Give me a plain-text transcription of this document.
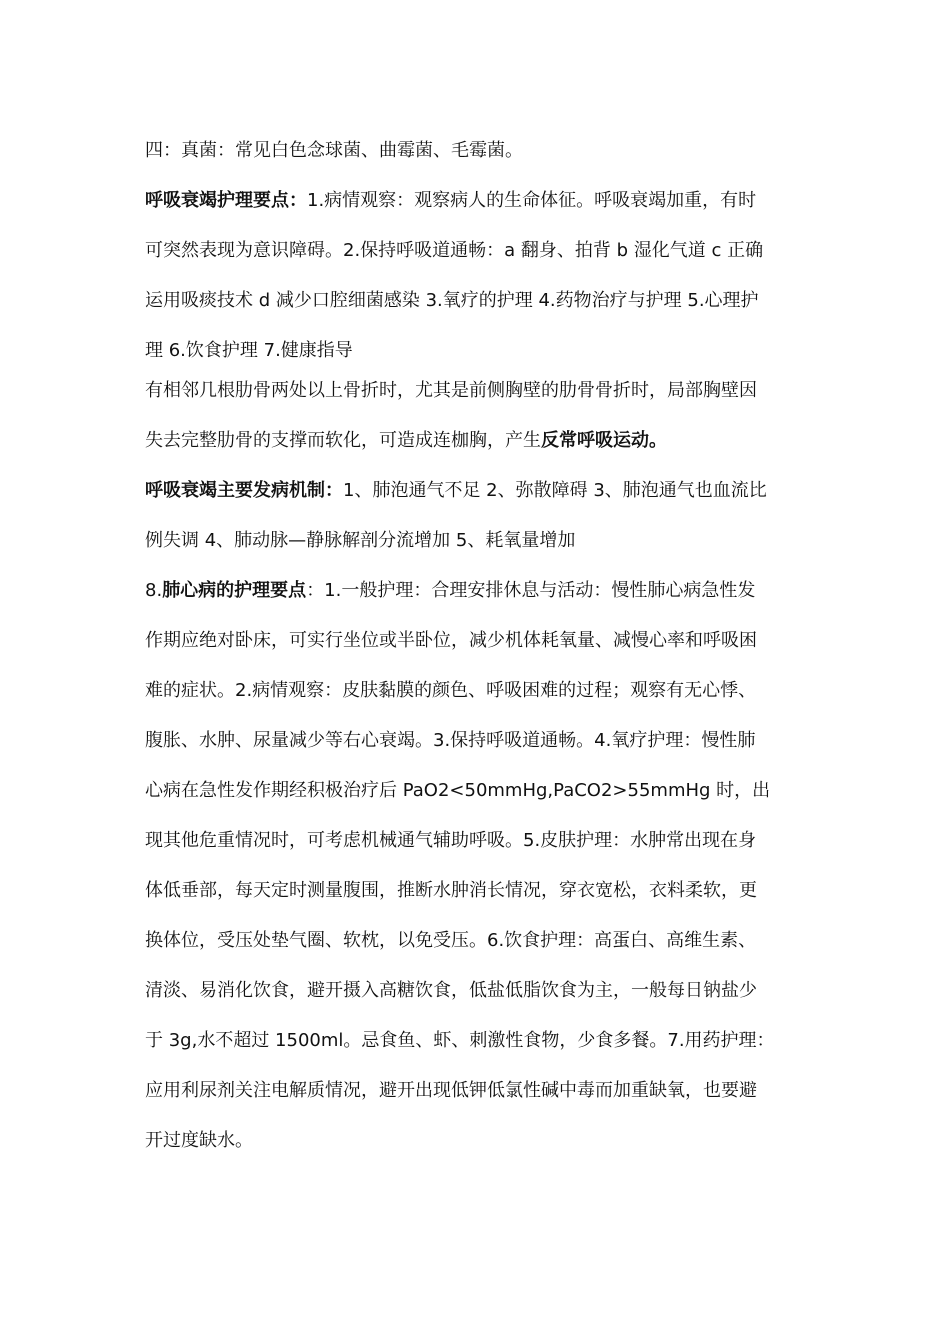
四：真菌：常见白色念球菌、曲霉菌、毛霉菌。
呼吸衰竭护理要点：1.病情观察：观察病人的生命体征。呼吸衰竭加重，有时
可突然表现为意识障碍。2.保持呼吸道通畅：a 翻身、拍背 b 湿化气道 c 正确
运用吸痰技术 d 减少口腔细菌感染 3.氧疗的护理 4.药物治疗与护理 5.心理护
理 6.饮食护理 7.健康指导
有相邻几根肋骨两处以上骨折时，尤其是前侧胸壁的肋骨骨折时，局部胸壁因
失去完整肋骨的支撑而软化，可造成连枷胸，产生反常呼吸运动。
呼吸衰竭主要发病机制：1、肺泡通气不足 2、弥散障碍 3、肺泡通气也血流比
例失调 4、肺动脉—静脉解剖分流增加 5、耗氧量增加
8.肺心病的护理要点：1.一般护理：合理安排休息与活动：慢性肺心病急性发
作期应绝对卧床，可实行坐位或半卧位，减少机体耗氧量、减慢心率和呼吸困
难的症状。2.病情观察：皮肤黏膜的颜色、呼吸困难的过程；观察有无心悸、
腹胀、水肿、尿量减少等右心衰竭。3.保持呼吸道通畅。4.氧疗护理：慢性肺
心病在急性发作期经积极治疗后 PaO2<50mmHg,PaCO2>55mmHg 时，出
现其他危重情况时，可考虑机械通气辅助呼吸。5.皮肤护理：水肿常出现在身
体低垂部，每天定时测量腹围，推断水肿消长情况，穿衣宽松，衣料柔软，更
换体位，受压处垫气圈、软枕，以免受压。6.饮食护理：高蛋白、高维生素、
清淡、易消化饮食，避开摄入高糖饮食，低盐低脂饮食为主，一般每日钠盐少
于 3g,水不超过 1500ml。忌食鱼、虾、刺激性食物，少食多餐。7.用药护理：
应用利尿剂关注电解质情况，避开出现低钾低氯性碱中毒而加重缺氧，也要避
开过度缺水。
